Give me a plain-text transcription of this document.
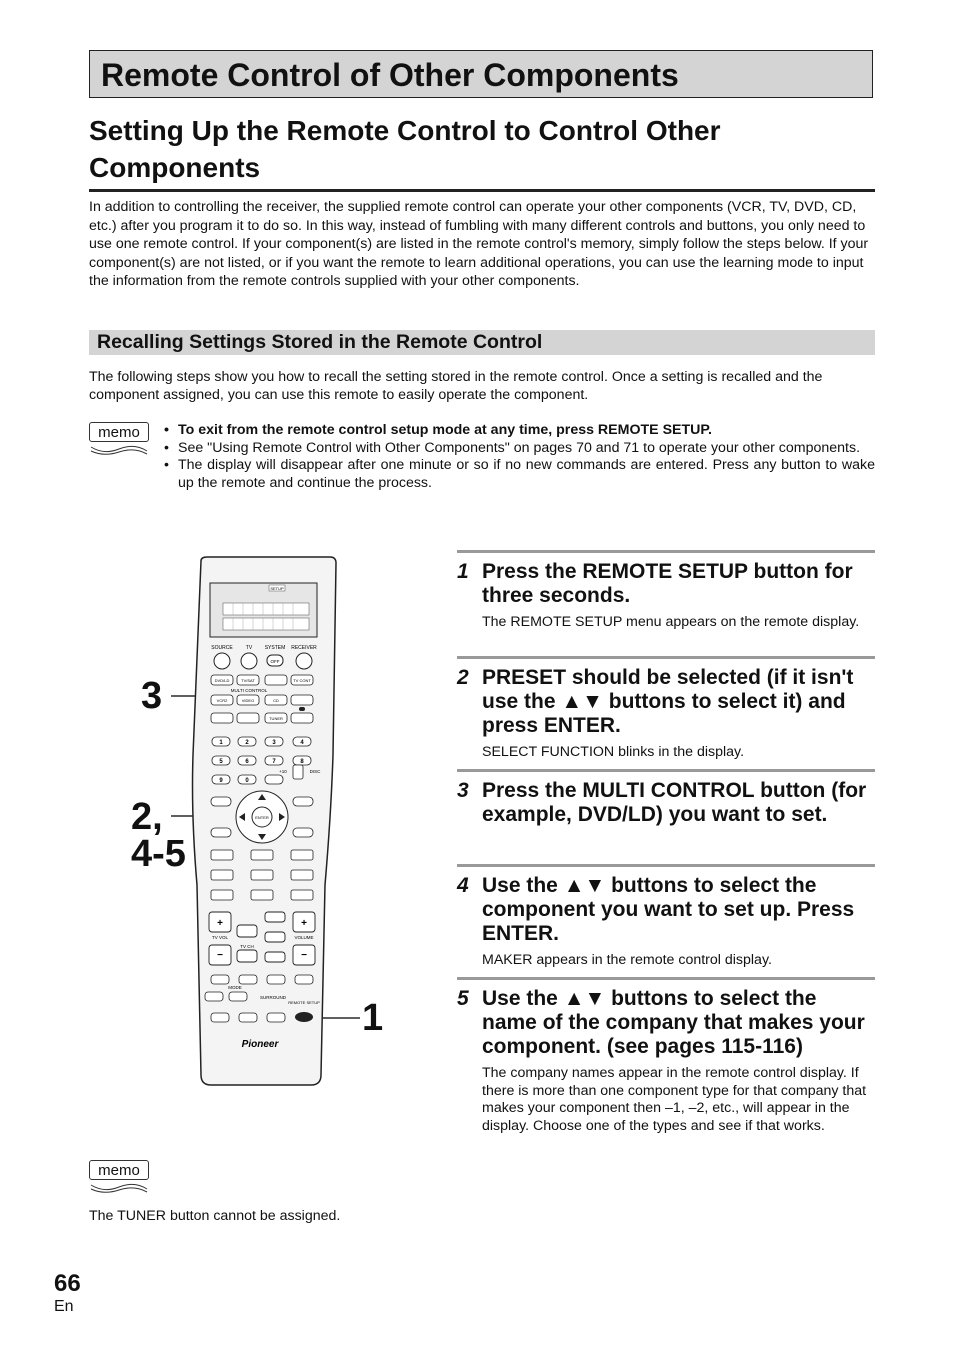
Remote Control of Other Components
Setting Up the Remote Control to Control Other Components
In addition to controlling the receiver, the supplied remote control can operate your other components (VCR, TV, DVD, CD, etc.) after you program it to do so. In this way, instead of fumbling with many different controls and buttons, you only need to use one remote control. If your component(s) are listed in the remote control's memory, simply follow the steps below. If your component(s) are not listed, or if you want the remote to learn additional operations, you can use the learning mode to input the information from the remote controls supplied with your other components.
Recalling Settings Stored in the Remote Control
The following steps show you how to recall the setting stored in the remote control. Once a setting is recalled and the component assigned, you can use this remote to easily operate the component.
memo
•	To exit from the remote control setup mode at any time, press REMOTE SETUP.
• See "Using Remote Control with Other Components" on pages 70 and 71 to operate your other components.
• The display will disappear after one minute or so if no new commands are entered. Press any button to wake up the remote and continue the process.
3
2,
4-5
1
SETUP
SOURCE	TV	SYSTEM RECEIVER
OFF
MULTI CONTROL
DVD/LD	TV/SAT	TV CONT
VCR2	VIDEO	CD
TUNER
1	2	3	4
5	6	7	8
9	0
+10	DISC
ENTER
+
−
+
−
TV VOL
TV CH
VOLUME
MODE
SURROUND
REMOTE SETUP
Pioneer
1 Press the REMOTE SETUP button for three seconds.
The REMOTE SETUP menu appears on the remote display.
2 PRESET should be selected (if it isn't use the ▲▼ buttons to select it) and press ENTER.
SELECT FUNCTION blinks in the display.
3 Press the MULTI CONTROL button (for example, DVD/LD) you want to set.
4 Use the ▲▼ buttons to select the component you want to set up. Press ENTER.
MAKER appears in the remote control display.
5 Use the ▲▼ buttons to select the name of the company that makes your component. (see pages 115-116)
The company names appear in the remote control display. If there is more than one component type for that company that makes your component then –1, –2, etc., will appear in the display. Choose one of the types and see if that works.
memo
The TUNER button cannot be assigned.
66
En
